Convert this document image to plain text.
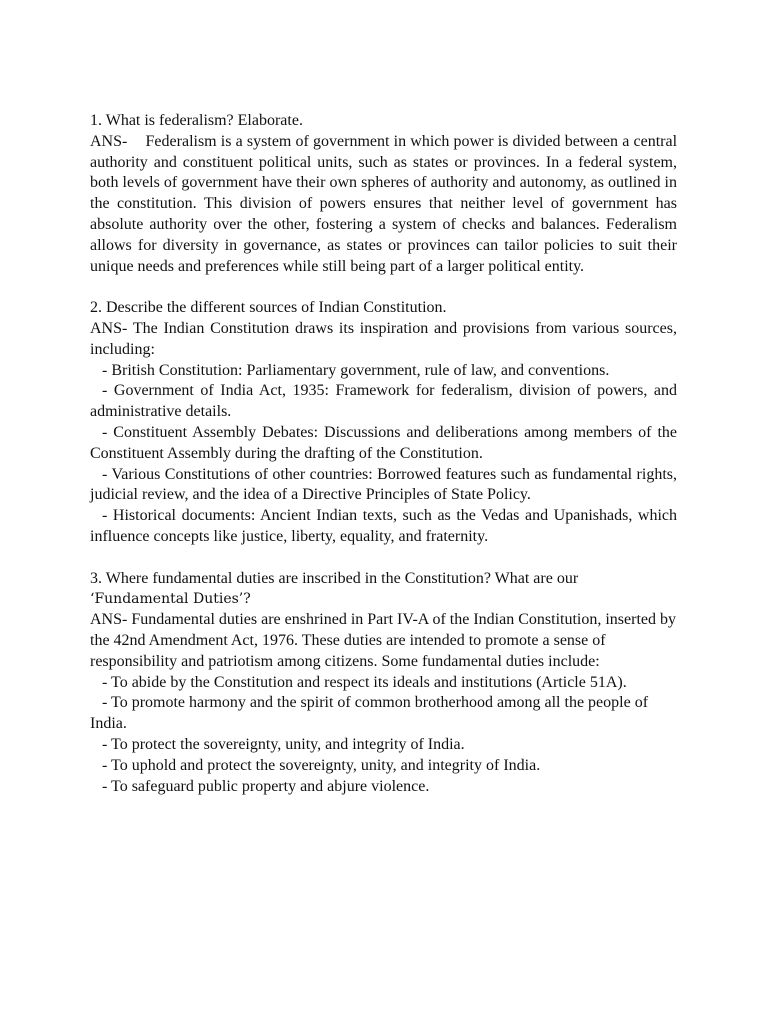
1. What is federalism? Elaborate.

ANS- Federalism is a system of government in which power is divided between a central authority and constituent political units, such as states or provinces. In a federal system, both levels of government have their own spheres of authority and autonomy, as outlined in the constitution. This division of powers ensures that neither level of government has absolute authority over the other, fostering a system of checks and balances. Federalism allows for diversity in governance, as states or provinces can tailor policies to suit their unique needs and preferences while still being part of a larger political entity.

2. Describe the different sources of Indian Constitution.

ANS- The Indian Constitution draws its inspiration and provisions from various sources, including:

- British Constitution: Parliamentary government, rule of law, and conventions.

- Government of India Act, 1935: Framework for federalism, division of powers, and administrative details.

- Constituent Assembly Debates: Discussions and deliberations among members of the Constituent Assembly during the drafting of the Constitution.

- Various Constitutions of other countries: Borrowed features such as fundamental rights, judicial review, and the idea of a Directive Principles of State Policy.

- Historical documents: Ancient Indian texts, such as the Vedas and Upanishads, which influence concepts like justice, liberty, equality, and fraternity.

3. Where fundamental duties are inscribed in the Constitution? What are our
‘Fundamental Duties’?

ANS- Fundamental duties are enshrined in Part IV-A of the Indian Constitution, inserted by the 42nd Amendment Act, 1976. These duties are intended to promote a sense of responsibility and patriotism among citizens. Some fundamental duties include:

- To abide by the Constitution and respect its ideals and institutions (Article 51A).

- To promote harmony and the spirit of common brotherhood among all the people of India.

- To protect the sovereignty, unity, and integrity of India.

- To uphold and protect the sovereignty, unity, and integrity of India.

- To safeguard public property and abjure violence.
